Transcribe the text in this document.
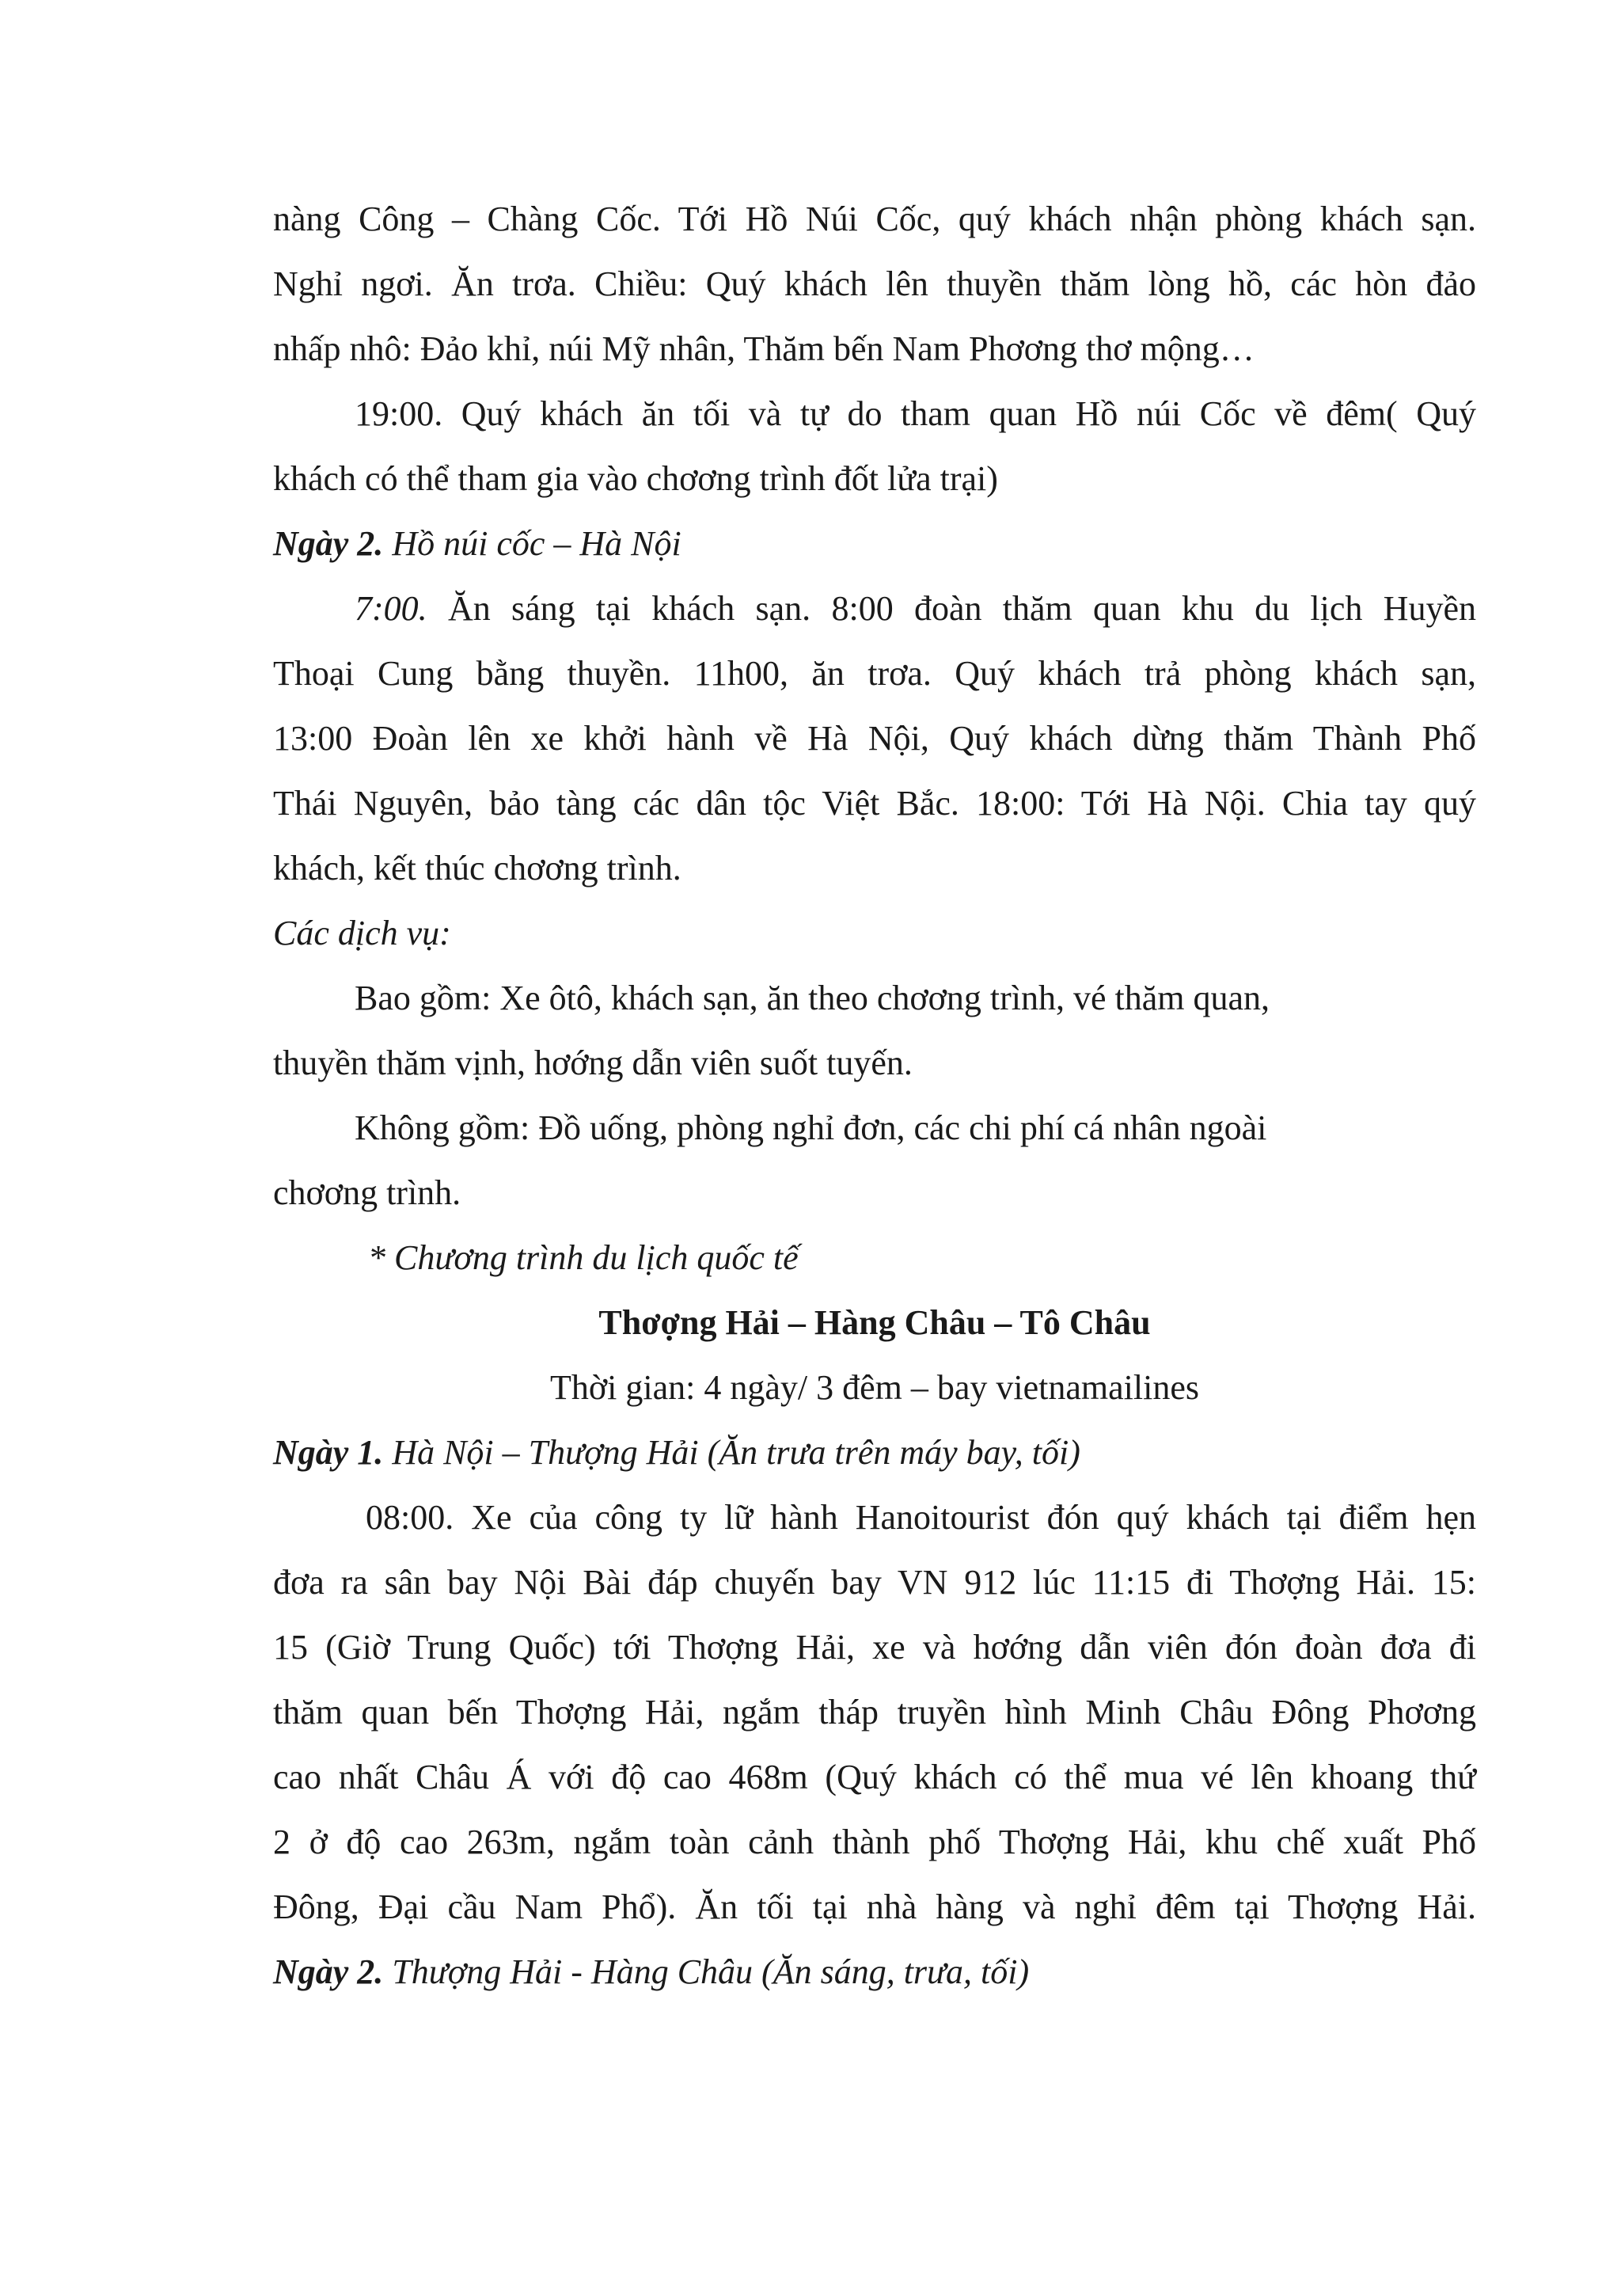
nàng Công – Chàng Cốc. Tới Hồ Núi Cốc, quý khách nhận phòng khách sạn.
Nghỉ ngơi. Ăn trơa. Chiều: Quý khách lên thuyền thăm lòng hồ, các hòn đảo
nhấp nhô: Đảo khỉ, núi Mỹ nhân, Thăm bến Nam Phơơng thơ mộng…
19:00. Quý khách ăn tối và tự do tham quan Hồ núi Cốc về đêm( Quý
khách có thể tham gia vào chơơng trình đốt lửa trại)
Ngày 2. Hồ núi cốc – Hà Nội
7:00. Ăn sáng tại khách sạn. 8:00 đoàn thăm quan khu du lịch Huyền
Thoại Cung bằng thuyền. 11h00, ăn trơa. Quý khách trả phòng khách sạn,
13:00 Đoàn lên xe khởi hành về Hà Nội, Quý khách dừng thăm Thành Phố
Thái Nguyên, bảo tàng các dân tộc Việt Bắc. 18:00: Tới Hà Nội. Chia tay quý
khách, kết thúc chơơng trình.
Các dịch vụ:
Bao gồm: Xe ôtô, khách sạn, ăn theo chơơng trình, vé thăm quan,
thuyền thăm vịnh, hơớng dẫn viên suốt tuyến.
Không gồm: Đồ uống, phòng nghỉ đơn, các chi phí cá nhân ngoài
chơơng trình.
* Chương trình du lịch quốc tế
Thơợng Hải – Hàng Châu – Tô Châu
Thời gian: 4 ngày/ 3 đêm – bay vietnamailines
Ngày 1. Hà Nội – Thượng Hải (Ăn trưa trên máy bay, tối)
08:00. Xe của công ty lữ hành Hanoitourist đón quý khách tại điểm hẹn
đơa ra sân bay Nội Bài đáp chuyến bay VN 912 lúc 11:15 đi Thơợng Hải. 15:
15 (Giờ Trung Quốc) tới Thơợng Hải, xe và hơớng dẫn viên đón đoàn đơa đi
thăm quan bến Thơợng Hải, ngắm tháp truyền hình Minh Châu Đông Phơơng
cao nhất Châu Á với độ cao 468m (Quý khách có thể mua vé lên khoang thứ
2 ở độ cao 263m, ngắm toàn cảnh thành phố Thơợng Hải, khu chế xuất Phố
Đông, Đại cầu Nam Phổ). Ăn tối tại nhà hàng và nghỉ đêm tại Thơợng Hải.
Ngày 2. Thượng Hải - Hàng Châu (Ăn sáng, trưa, tối)
